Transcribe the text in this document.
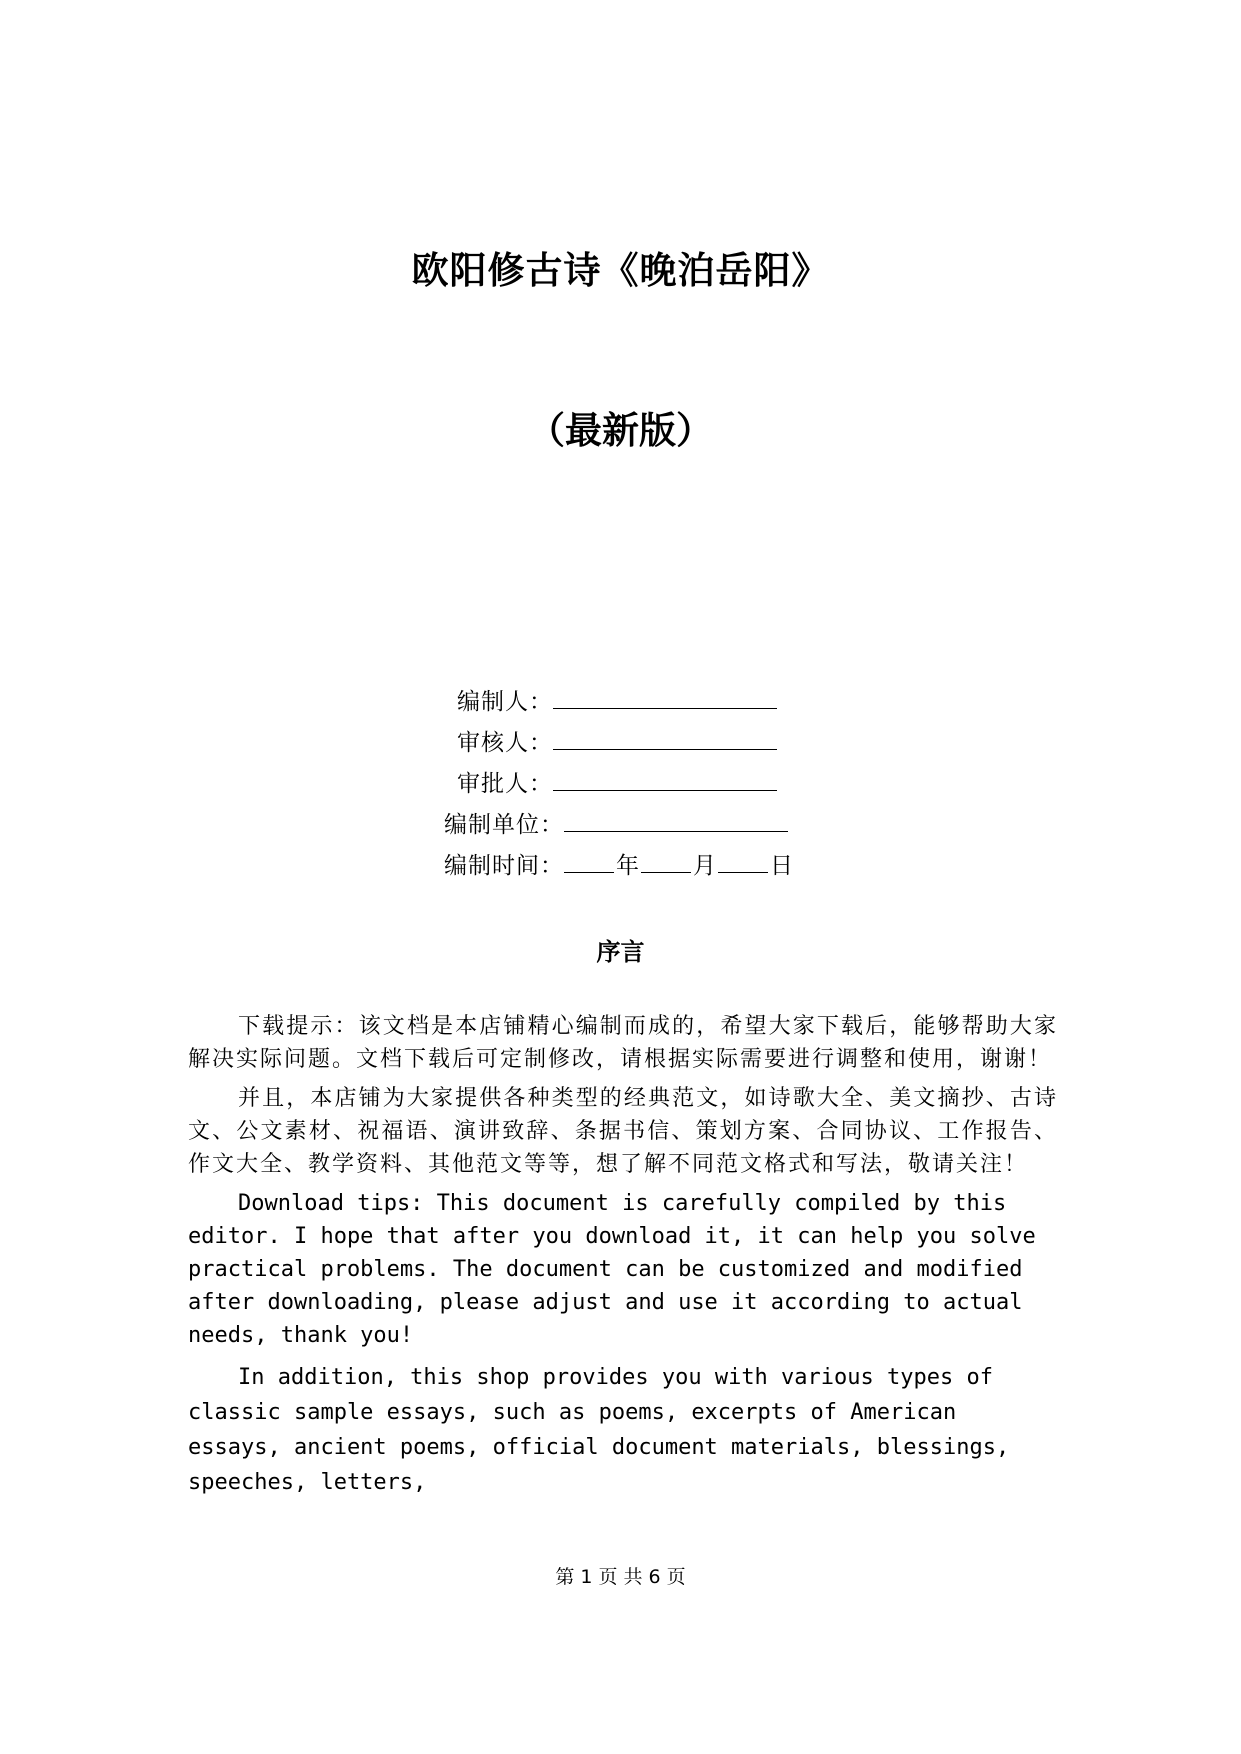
欧阳修古诗《晚泊岳阳》
（最新版）
编制人：
审核人：
审批人：
编制单位：
编制时间： 年 月 日
序言

下载提示：该文档是本店铺精心编制而成的，希望大家下载后，能够帮助大家解决实际问题。文档下载后可定制修改，请根据实际需要进行调整和使用，谢谢！

并且，本店铺为大家提供各种类型的经典范文，如诗歌大全、美文摘抄、古诗文、公文素材、祝福语、演讲致辞、条据书信、策划方案、合同协议、工作报告、作文大全、教学资料、其他范文等等，想了解不同范文格式和写法，敬请关注！

Download tips: This document is carefully compiled by this editor. I hope that after you download it, it can help you solve practical problems. The document can be customized and modified after downloading, please adjust and use it according to actual needs, thank you!

In addition, this shop provides you with various types of classic sample essays, such as poems, excerpts of American essays, ancient poems, official document materials, blessings, speeches, letters,

第 1 页 共 6 页
